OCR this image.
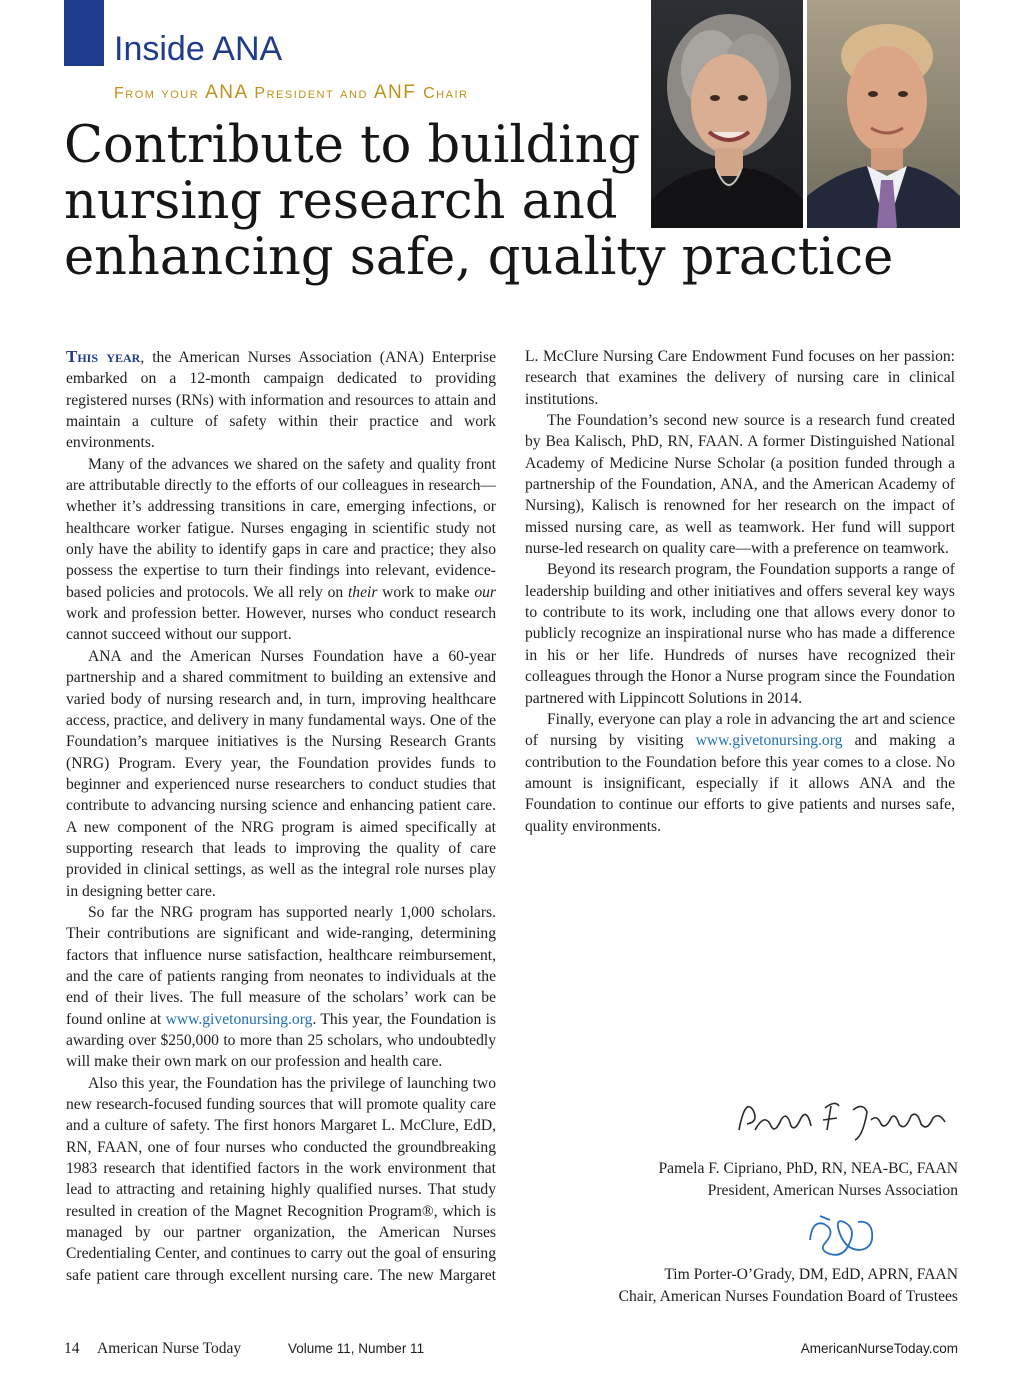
Inside ANA
From your ANA President and ANF Chair
Contribute to building
nursing research and
enhancing safe, quality practice

This year, the American Nurses Association (ANA) Enterprise embarked on a 12-month campaign dedicated to providing registered nurses (RNs) with information and resources to attain and maintain a culture of safety within their practice and work environments.

Many of the advances we shared on the safety and quality front are attributable directly to the efforts of our colleagues in research—whether it’s addressing transitions in care, emerging infections, or healthcare worker fatigue. Nurses engaging in scientific study not only have the ability to identify gaps in care and practice; they also possess the expertise to turn their findings into relevant, evidence-based policies and protocols. We all rely on their work to make our work and profession better. However, nurses who conduct research cannot succeed without our support.

ANA and the American Nurses Foundation have a 60-year partnership and a shared commitment to building an extensive and varied body of nursing research and, in turn, improving healthcare access, practice, and delivery in many fundamental ways. One of the Foundation’s marquee initiatives is the Nursing Research Grants (NRG) Program. Every year, the Foundation provides funds to beginner and experienced nurse researchers to conduct studies that contribute to advancing nursing science and enhancing patient care. A new component of the NRG program is aimed specifically at supporting research that leads to improving the quality of care provided in clinical settings, as well as the integral role nurses play in designing better care.

So far the NRG program has supported nearly 1,000 scholars. Their contributions are significant and wide-ranging, determining factors that influence nurse satisfaction, healthcare reimbursement, and the care of patients ranging from neonates to individuals at the end of their lives. The full measure of the scholars’ work can be found online at www.givetonursing.org. This year, the Foundation is awarding over $250,000 to more than 25 scholars, who undoubtedly will make their own mark on our profession and health care.

Also this year, the Foundation has the privilege of launching two new research-focused funding sources that will promote quality care and a culture of safety. The first honors Margaret L. McClure, EdD, RN, FAAN, one of four nurses who conducted the groundbreaking 1983 research that identified factors in the work environment that lead to attracting and retaining highly qualified nurses. That study resulted in creation of the Magnet Recognition Program®, which is managed by our partner organization, the American Nurses Credentialing Center, and continues to carry out the goal of ensuring safe patient care through excellent nursing care. The new Margaret

L. McClure Nursing Care Endowment Fund focuses on her passion: research that examines the delivery of nursing care in clinical institutions.

The Foundation’s second new source is a research fund created by Bea Kalisch, PhD, RN, FAAN. A former Distinguished National Academy of Medicine Nurse Scholar (a position funded through a partnership of the Foundation, ANA, and the American Academy of Nursing), Kalisch is renowned for her research on the impact of missed nursing care, as well as teamwork. Her fund will support nurse-led research on quality care—with a preference on teamwork.

Beyond its research program, the Foundation supports a range of leadership building and other initiatives and offers several key ways to contribute to its work, including one that allows every donor to publicly recognize an inspirational nurse who has made a difference in his or her life. Hundreds of nurses have recognized their colleagues through the Honor a Nurse program since the Foundation partnered with Lippincott Solutions in 2014.

Finally, everyone can play a role in advancing the art and science of nursing by visiting www.givetonursing.org and making a contribution to the Foundation before this year comes to a close. No amount is insignificant, especially if it allows ANA and the Foundation to continue our efforts to give patients and nurses safe, quality environments.

Pamela F. Cipriano, PhD, RN, NEA-BC, FAAN
President, American Nurses Association
Tim Porter-O’Grady, DM, EdD, APRN, FAAN
Chair, American Nurses Foundation Board of Trustees
14 American Nurse Today	Volume 11, Number 11	AmericanNurseToday.com
